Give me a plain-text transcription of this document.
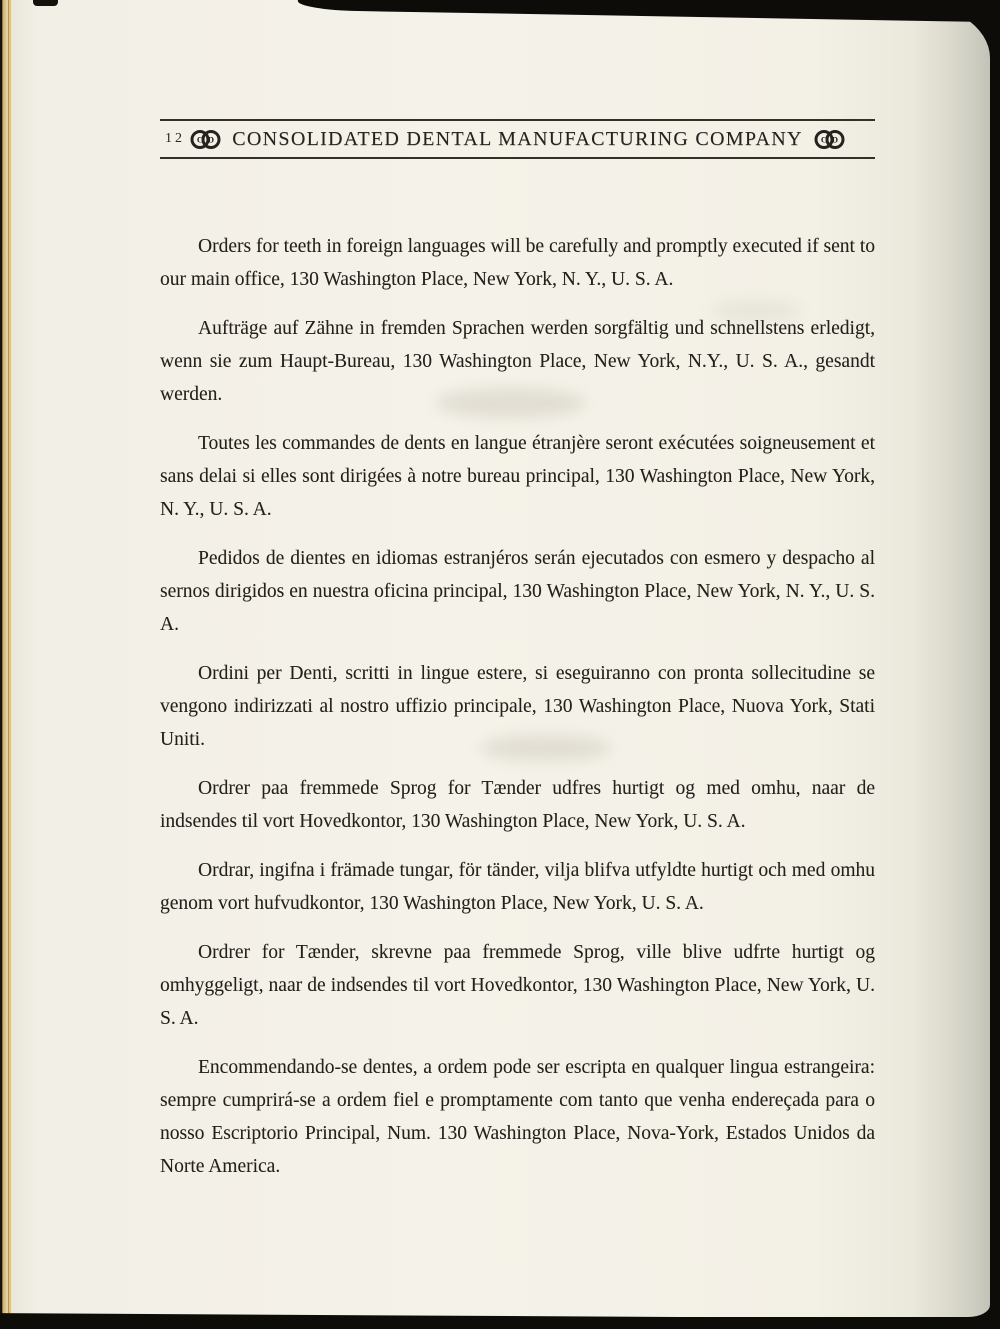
12 C D CONSOLIDATED DENTAL MANUFACTURING COMPANY C D

Orders for teeth in foreign languages will be carefully and promptly executed if sent to our main office, 130 Washington Place, New York, N. Y., U. S. A.

Aufträge auf Zähne in fremden Sprachen werden sorgfältig und schnellstens erledigt, wenn sie zum Haupt-Bureau, 130 Washington Place, New York, N.Y., U. S. A., gesandt werden.

Toutes les commandes de dents en langue étranjère seront exécutées soigneusement et sans delai si elles sont dirigées à notre bureau principal, 130 Washington Place, New York, N. Y., U. S. A.

Pedidos de dientes en idiomas estranjéros serán ejecutados con esmero y despacho al sernos dirigidos en nuestra oficina principal, 130 Washington Place, New York, N. Y., U. S. A.

Ordini per Denti, scritti in lingue estere, si eseguiranno con pronta sollecitudine se vengono indirizzati al nostro uffizio principale, 130 Washington Place, Nuova York, Stati Uniti.

Ordrer paa fremmede Sprog for Tænder udfres hurtigt og med omhu, naar de indsendes til vort Hovedkontor, 130 Washington Place, New York, U. S. A.

Ordrar, ingifna i främade tungar, för tänder, vilja blifva utfyldte hurtigt och med omhu genom vort hufvudkontor, 130 Washington Place, New York, U. S. A.

Ordrer for Tænder, skrevne paa fremmede Sprog, ville blive udfrte hurtigt og omhyggeligt, naar de indsendes til vort Hovedkontor, 130 Washington Place, New York, U. S. A.

Encommendando-se dentes, a ordem pode ser escripta en qualquer lingua estrangeira: sempre cumprirá-se a ordem fiel e promptamente com tanto que venha endereçada para o nosso Escriptorio Principal, Num. 130 Washington Place, Nova-York, Estados Unidos da Norte America.
